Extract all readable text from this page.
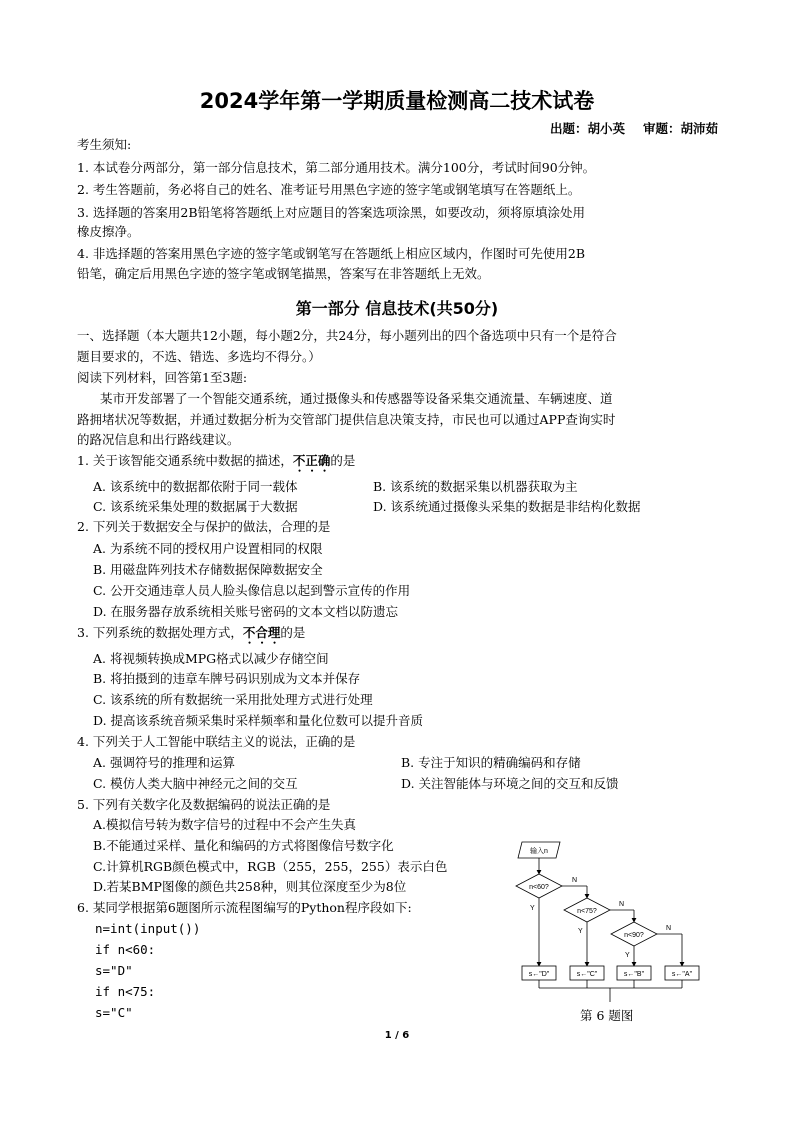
2024学年第一学期质量检测高二技术试卷
出题：胡小英 审题：胡沛茹
考生须知:
1. 本试卷分两部分，第一部分信息技术，第二部分通用技术。满分100分，考试时间90分钟。
2. 考生答题前，务必将自己的姓名、准考证号用黑色字迹的签字笔或钢笔填写在答题纸上。
3. 选择题的答案用2B铅笔将答题纸上对应题目的答案选项涂黑，如要改动，须将原填涂处用
橡皮擦净。
4. 非选择题的答案用黑色字迹的签字笔或钢笔写在答题纸上相应区域内，作图时可先使用2B
铅笔，确定后用黑色字迹的签字笔或钢笔描黑，答案写在非答题纸上无效。
第一部分 信息技术(共50分)
一、选择题（本大题共12小题，每小题2分，共24分，每小题列出的四个备选项中只有一个是符合
题目要求的，不选、错选、多选均不得分。）
阅读下列材料，回答第1至3题:
某市开发部署了一个智能交通系统，通过摄像头和传感器等设备采集交通流量、车辆速度、道
路拥堵状况等数据，并通过数据分析为交管部门提供信息决策支持，市民也可以通过APP查询实时
的路况信息和出行路线建议。
1. 关于该智能交通系统中数据的描述，不正确的是
A. 该系统中的数据都依附于同一载体	B. 该系统的数据采集以机器获取为主
C. 该系统采集处理的数据属于大数据	D. 该系统通过摄像头采集的数据是非结构化数据
2. 下列关于数据安全与保护的做法，合理的是
A. 为系统不同的授权用户设置相同的权限
B. 用磁盘阵列技术存储数据保障数据安全
C. 公开交通违章人员人脸头像信息以起到警示宣传的作用
D. 在服务器存放系统相关账号密码的文本文档以防遗忘
3. 下列系统的数据处理方式，不合理的是
A. 将视频转换成MPG格式以减少存储空间
B. 将拍摄到的违章车牌号码识别成为文本并保存
C. 该系统的所有数据统一采用批处理方式进行处理
D. 提高该系统音频采集时采样频率和量化位数可以提升音质
4. 下列关于人工智能中联结主义的说法，正确的是
A. 强调符号的推理和运算	B. 专注于知识的精确编码和存储
C. 模仿人类大脑中神经元之间的交互	D. 关注智能体与环境之间的交互和反馈
5. 下列有关数字化及数据编码的说法正确的是
A.模拟信号转为数字信号的过程中不会产生失真
B.不能通过采样、量化和编码的方式将图像信号数字化
C.计算机RGB颜色模式中，RGB（255，255，255）表示白色
D.若某BMP图像的颜色共258种，则其位深度至少为8位
6. 某同学根据第6题图所示流程图编写的Python程序段如下:
n=int(input())
if n<60:
s="D"
if n<75:
s="C"
输入n
n<60?
N
Y	n<75?
N
Y
n<90?
N
Y
s←"D"	s←"C"	s←"B"	s←"A"
第 6 题图
1 / 6
